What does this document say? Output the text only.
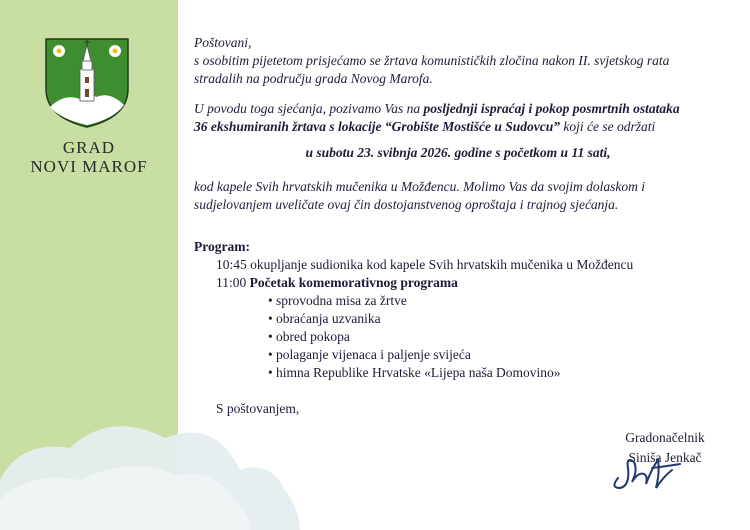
GRAD
NOVI MAROF

Poštovani,
s osobitim pijetetom prisjećamo se žrtava komunističkih zločina nakon II. svjetskog rata
stradalih na području grada Novog Marofa.

U povodu toga sjećanja, pozivamo Vas na posljednji ispraćaj i pokop posmrtnih ostataka
36 ekshumiranih žrtava s lokacije “Grobište Mostišće u Sudovcu” koji će se održati

u subotu 23. svibnja 2026. godine s početkom u 11 sati,

kod kapele Svih hrvatskih mučenika u Možđencu. Molimo Vas da svojim dolaskom i
sudjelovanjem uveličate ovaj čin dostojanstvenog oproštaja i trajnog sjećanja.

Program:

10:45 okupljanje sudionika kod kapele Svih hrvatskih mučenika u Možđencu
11:00 Početak komemorativnog programa
• sprovodna misa za žrtve
• obraćanja uzvanika
• obred pokopa
• polaganje vijenaca i paljenje svijeća
• himna Republike Hrvatske «Lijepa naša Domovino»

S poštovanjem,

Gradonačelnik
Siniša Jenkač
